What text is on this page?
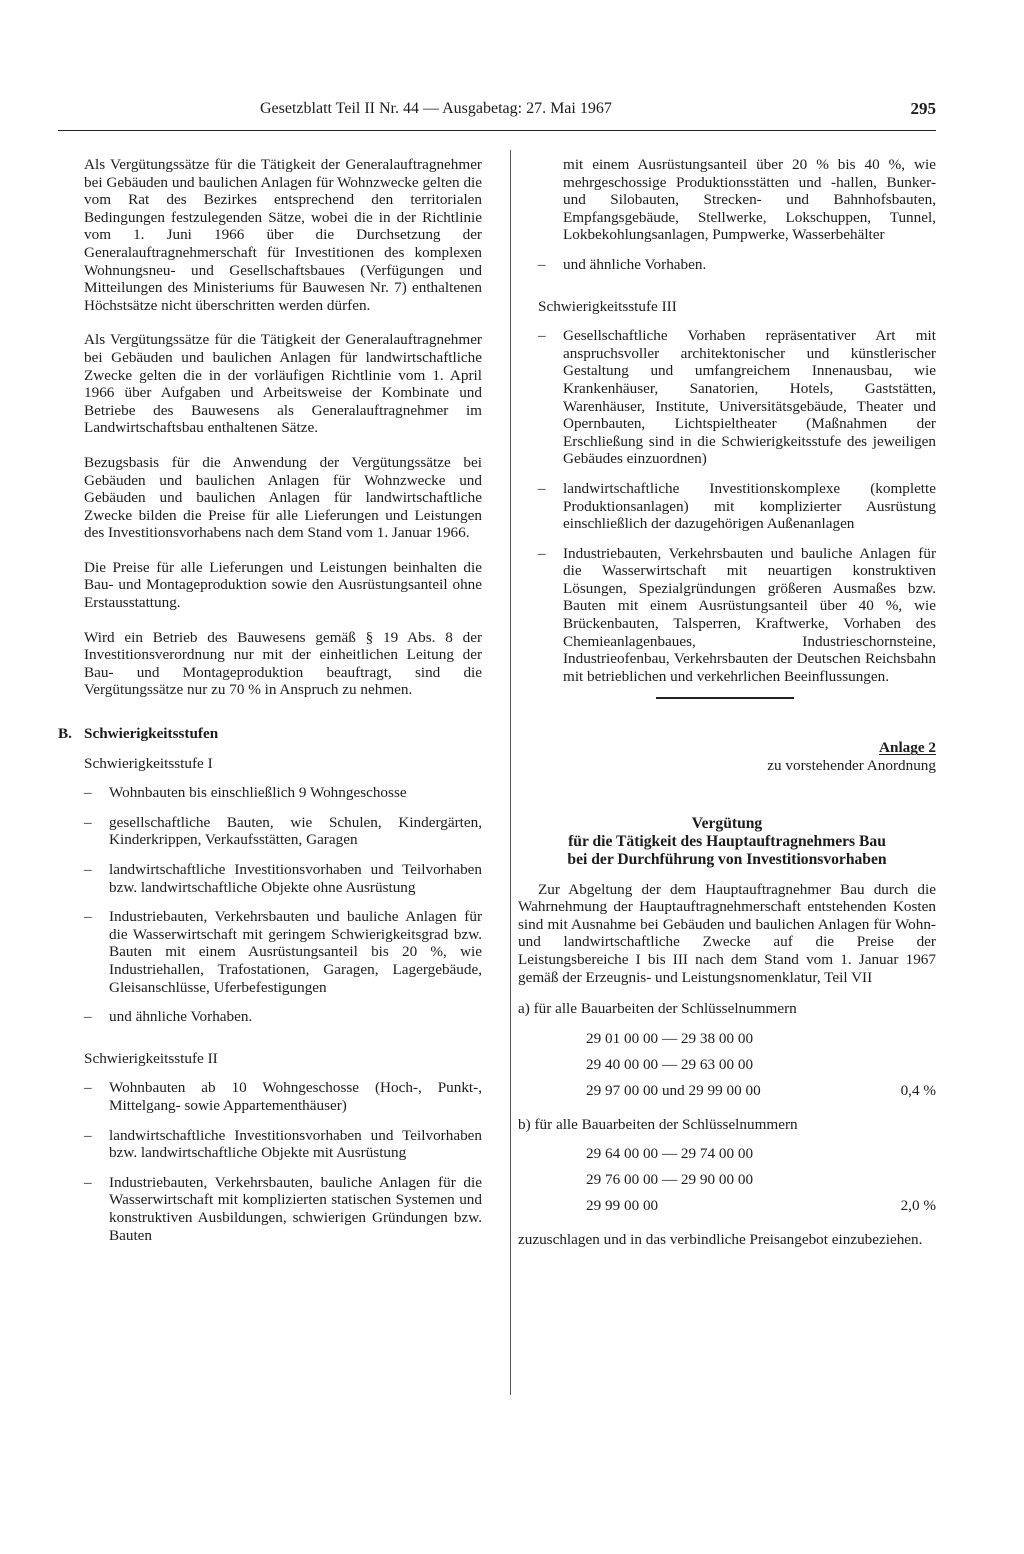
Gesetzblatt Teil II Nr. 44 — Ausgabetag: 27. Mai 1967	295

Als Vergütungssätze für die Tätigkeit der Generalauftragnehmer bei Gebäuden und baulichen Anlagen für Wohnzwecke gelten die vom Rat des Bezirkes entsprechend den territorialen Bedingungen festzulegenden Sätze, wobei die in der Richtlinie vom 1. Juni 1966 über die Durchsetzung der Generalauftragnehmerschaft für Investitionen des komplexen Wohnungsneu- und Gesellschaftsbaues (Verfügungen und Mitteilungen des Ministeriums für Bauwesen Nr. 7) enthaltenen Höchstsätze nicht überschritten werden dürfen.

Als Vergütungssätze für die Tätigkeit der Generalauftragnehmer bei Gebäuden und baulichen Anlagen für landwirtschaftliche Zwecke gelten die in der vorläufigen Richtlinie vom 1. April 1966 über Aufgaben und Arbeitsweise der Kombinate und Betriebe des Bauwesens als Generalauftragnehmer im Landwirtschaftsbau enthaltenen Sätze.

Bezugsbasis für die Anwendung der Vergütungssätze bei Gebäuden und baulichen Anlagen für Wohnzwecke und Gebäuden und baulichen Anlagen für landwirtschaftliche Zwecke bilden die Preise für alle Lieferungen und Leistungen des Investitionsvorhabens nach dem Stand vom 1. Januar 1966.

Die Preise für alle Lieferungen und Leistungen beinhalten die Bau- und Montageproduktion sowie den Ausrüstungsanteil ohne Erstausstattung.

Wird ein Betrieb des Bauwesens gemäß § 19 Abs. 8 der Investitionsverordnung nur mit der einheitlichen Leitung der Bau- und Montageproduktion beauftragt, sind die Vergütungssätze nur zu 70 % in Anspruch zu nehmen.

B. Schwierigkeitsstufen
Schwierigkeitsstufe I
– Wohnbauten bis einschließlich 9 Wohngeschosse
– gesellschaftliche Bauten, wie Schulen, Kindergärten, Kinderkrippen, Verkaufsstätten, Garagen
– landwirtschaftliche Investitionsvorhaben und Teilvorhaben bzw. landwirtschaftliche Objekte ohne Ausrüstung
– Industriebauten, Verkehrsbauten und bauliche Anlagen für die Wasserwirtschaft mit geringem Schwierigkeitsgrad bzw. Bauten mit einem Ausrüstungsanteil bis 20 %, wie Industriehallen, Trafostationen, Garagen, Lagergebäude, Gleisanschlüsse, Uferbefestigungen
– und ähnliche Vorhaben.
Schwierigkeitsstufe II
– Wohnbauten ab 10 Wohngeschosse (Hoch-, Punkt-, Mittelgang- sowie Appartementhäuser)
– landwirtschaftliche Investitionsvorhaben und Teilvorhaben bzw. landwirtschaftliche Objekte mit Ausrüstung
– Industriebauten, Verkehrsbauten, bauliche Anlagen für die Wasserwirtschaft mit komplizierten statischen Systemen und konstruktiven Ausbildungen, schwierigen Gründungen bzw. Bauten

mit einem Ausrüstungsanteil über 20 % bis 40 %, wie mehrgeschossige Produktionsstätten und -hallen, Bunker- und Silobauten, Strecken- und Bahnhofsbauten, Empfangsgebäude, Stellwerke, Lokschuppen, Tunnel, Lokbekohlungsanlagen, Pumpwerke, Wasserbehälter

– und ähnliche Vorhaben.
Schwierigkeitsstufe III
– Gesellschaftliche Vorhaben repräsentativer Art mit anspruchsvoller architektonischer und künstlerischer Gestaltung und umfangreichem Innenausbau, wie Krankenhäuser, Sanatorien, Hotels, Gaststätten, Warenhäuser, Institute, Universitätsgebäude, Theater und Opernbauten, Lichtspieltheater (Maßnahmen der Erschließung sind in die Schwierigkeitsstufe des jeweiligen Gebäudes einzuordnen)
– landwirtschaftliche Investitionskomplexe (komplette Produktionsanlagen) mit komplizierter Ausrüstung einschließlich der dazugehörigen Außenanlagen
– Industriebauten, Verkehrsbauten und bauliche Anlagen für die Wasserwirtschaft mit neuartigen konstruktiven Lösungen, Spezialgründungen größeren Ausmaßes bzw. Bauten mit einem Ausrüstungsanteil über 40 %, wie Brückenbauten, Talsperren, Kraftwerke, Vorhaben des Chemieanlagenbaues, Industrieschornsteine, Industrieofenbau, Verkehrsbauten der Deutschen Reichsbahn mit betrieblichen und verkehrlichen Beeinflussungen.
Anlage 2
zu vorstehender Anordnung
Vergütung
für die Tätigkeit des Hauptauftragnehmers Bau
bei der Durchführung von Investitionsvorhaben

Zur Abgeltung der dem Hauptauftragnehmer Bau durch die Wahrnehmung der Hauptauftragnehmerschaft entstehenden Kosten sind mit Ausnahme bei Gebäuden und baulichen Anlagen für Wohn- und landwirtschaftliche Zwecke auf die Preise der Leistungsbereiche I bis III nach dem Stand vom 1. Januar 1967 gemäß der Erzeugnis- und Leistungsnomenklatur, Teil VII

a) für alle Bauarbeiten der Schlüsselnummern
29 01 00 00 — 29 38 00 00
29 40 00 00 — 29 63 00 00
29 97 00 00 und 29 99 00 00	0,4 %
b) für alle Bauarbeiten der Schlüsselnummern
29 64 00 00 — 29 74 00 00
29 76 00 00 — 29 90 00 00
29 99 00 00	2,0 %

zuzuschlagen und in das verbindliche Preisangebot einzubeziehen.
